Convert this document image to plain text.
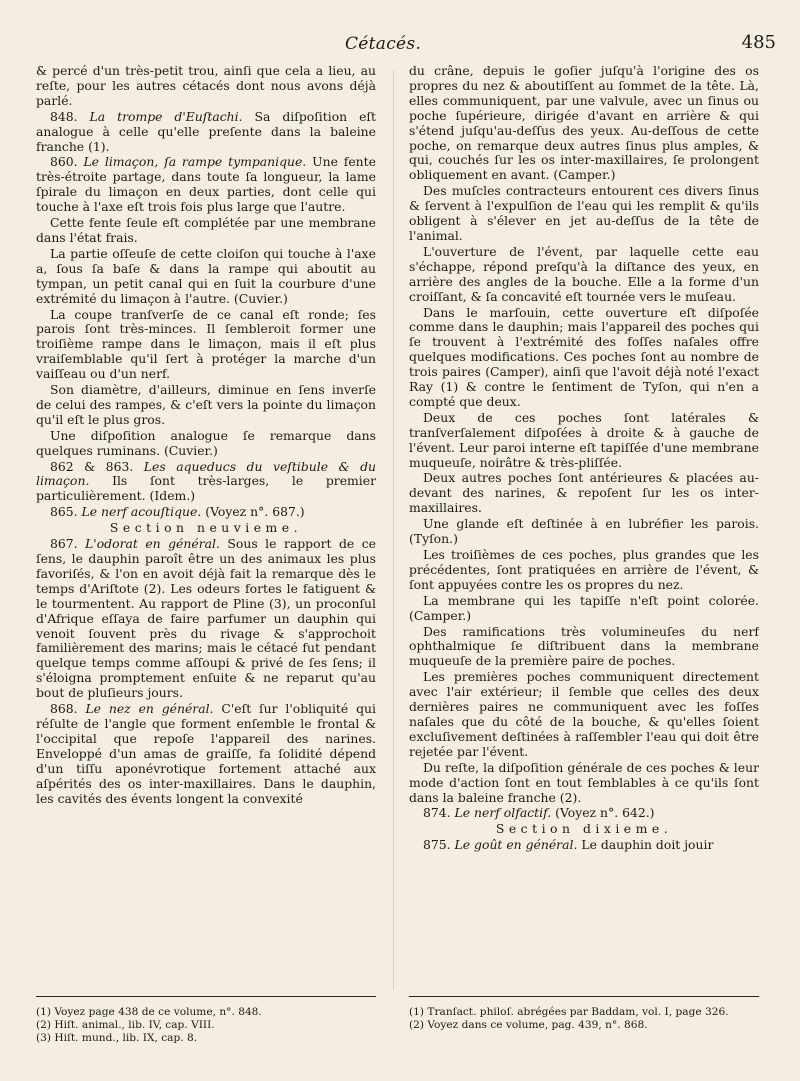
Cétacés.	485

& percé d'un très-petit trou, ainſi que cela a lieu, au reſte, pour les autres cétacés dont nous avons déjà parlé.

848. La trompe d'Euſtachi. Sa diſpoſition eſt analogue à celle qu'elle preſente dans la baleine franche (1).

860. Le limaçon, ſa rampe tympanique. Une fente très-étroite partage, dans toute ſa longueur, la lame ſpirale du limaçon en deux parties, dont celle qui touche à l'axe eſt trois fois plus large que l'autre.

Cette fente ſeule eſt complétée par une membrane dans l'état frais.

La partie oſſeuſe de cette cloiſon qui touche à l'axe a, ſous ſa baſe & dans la rampe qui aboutit au tympan, un petit canal qui en ſuit la courbure d'une extrémité du limaçon à l'autre. (Cuvier.)

La coupe tranſverſe de ce canal eſt ronde; ſes parois ſont très-minces. Il ſembleroit former une troiſième rampe dans le limaçon, mais il eſt plus vraiſemblable qu'il ſert à protéger la marche d'un vaiſſeau ou d'un nerf.

Son diamètre, d'ailleurs, diminue en ſens inverſe de celui des rampes, & c'eſt vers la pointe du limaçon qu'il eſt le plus gros.

Une diſpoſition analogue ſe remarque dans quelques ruminans. (Cuvier.)

862 & 863. Les aqueducs du veſtibule & du limaçon. Ils ſont très-larges, le premier particulièrement. (Idem.)

865. Le nerf acouſtique. (Voyez n°. 687.)

Section neuvieme.

867. L'odorat en général. Sous le rapport de ce ſens, le dauphin paroît être un des animaux les plus favoriſés, & l'on en avoit déjà fait la remarque dès le temps d'Ariſtote (2). Les odeurs fortes le fatiguent & le tourmentent. Au rapport de Pline (3), un proconſul d'Afrique eſſaya de faire parfumer un dauphin qui venoit ſouvent près du rivage & s'approchoit familièrement des marins; mais le cétacé fut pendant quelque temps comme aſſoupi & privé de ſes ſens; il s'éloigna promptement enſuite & ne reparut qu'au bout de pluſieurs jours.

868. Le nez en général. C'eſt ſur l'obliquité qui réſulte de l'angle que forment enſemble le frontal & l'occipital que repoſe l'appareil des narines. Enveloppé d'un amas de graiſſe, fa ſolidité dépend d'un tiſſu aponévrotique fortement attaché aux aſpérités des os inter-maxillaires. Dans le dauphin, les cavités des évents longent la convexité

du crâne, depuis le goſier juſqu'à l'origine des os propres du nez & aboutiſſent au ſommet de la tête. Là, elles communiquent, par une valvule, avec un ſinus ou poche ſupérieure, dirigée d'avant en arrière & qui s'étend juſqu'au-deſſus des yeux. Au-deſſous de cette poche, on remarque deux autres ſinus plus amples, & qui, couchés ſur les os inter-maxillaires, ſe prolongent obliquement en avant. (Camper.)

Des muſcles contracteurs entourent ces divers ſinus & ſervent à l'expulſion de l'eau qui les remplit & qu'ils obligent à s'élever en jet au-deſſus de la tête de l'animal.

L'ouverture de l'évent, par laquelle cette eau s'échappe, répond preſqu'à la diſtance des yeux, en arrière des angles de la bouche. Elle a la forme d'un croiſſant, & ſa concavité eſt tournée vers le muſeau.

Dans le marſouin, cette ouverture eſt diſpoſée comme dans le dauphin; mais l'appareil des poches qui ſe trouvent à l'extrémité des foſſes naſales offre quelques modifications. Ces poches ſont au nombre de trois paires (Camper), ainſi que l'avoit déjà noté l'exact Ray (1) & contre le ſentiment de Tyſon, qui n'en a compté que deux.

Deux de ces poches ſont latérales & tranſverſalement diſpoſées à droite & à gauche de l'évent. Leur paroi interne eſt tapiſſée d'une membrane muqueuſe, noirâtre & très-pliſſée.

Deux autres poches ſont antérieures & placées au-devant des narines, & repoſent ſur les os inter-maxillaires.

Une glande eſt deſtinée à en lubréfier les parois. (Tyſon.)

Les troiſièmes de ces poches, plus grandes que les précédentes, ſont pratiquées en arrière de l'évent, & ſont appuyées contre les os propres du nez.

La membrane qui les tapiſſe n'eſt point colorée. (Camper.)

Des ramifications très volumineuſes du nerf ophthalmique ſe diſtribuent dans la membrane muqueuſe de la première paire de poches.

Les premières poches communiquent directement avec l'air extérieur; il ſemble que celles des deux dernières paires ne communiquent avec les foſſes naſales que du côté de la bouche, & qu'elles ſoient excluſivement deſtinées à raſſembler l'eau qui doit être rejetée par l'évent.

Du reſte, la diſpoſition générale de ces poches & leur mode d'action ſont en tout ſemblables à ce qu'ils ſont dans la baleine franche (2).

874. Le nerf olfactif. (Voyez n°. 642.)

Section dixieme.

875. Le goût en général. Le dauphin doit jouir

(1) Voyez page 438 de ce volume, n°. 848.
(2) Hiſt. animal., lib. IV, cap. VIII.
(3) Hiſt. mund., lib. IX, cap. 8.
(1) Tranſact. philoſ. abrégées par Baddam, vol. I, page 326.
(2) Voyez dans ce volume, pag. 439, n°. 868.
